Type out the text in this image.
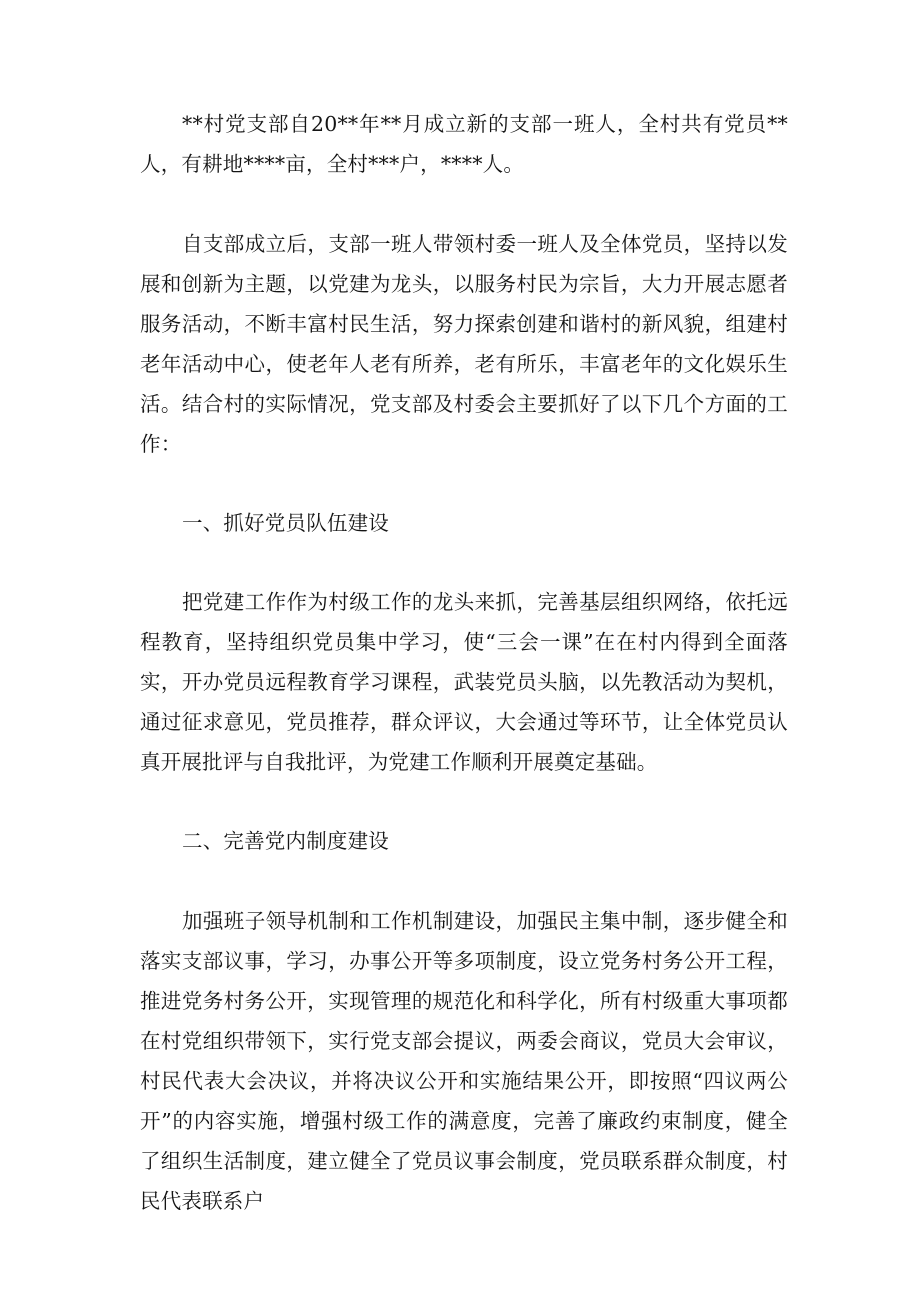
**村党支部自20**年**月成立新的支部一班人，全村共有党员**人，有耕地****亩，全村***户，****人。

自支部成立后，支部一班人带领村委一班人及全体党员，坚持以发展和创新为主题，以党建为龙头，以服务村民为宗旨，大力开展志愿者服务活动，不断丰富村民生活，努力探索创建和谐村的新风貌，组建村老年活动中心，使老年人老有所养，老有所乐，丰富老年的文化娱乐生活。结合村的实际情况，党支部及村委会主要抓好了以下几个方面的工作：

一、抓好党员队伍建设

把党建工作作为村级工作的龙头来抓，完善基层组织网络，依托远程教育，坚持组织党员集中学习，使“三会一课”在在村内得到全面落实，开办党员远程教育学习课程，武装党员头脑，以先教活动为契机，通过征求意见，党员推荐，群众评议，大会通过等环节，让全体党员认真开展批评与自我批评，为党建工作顺利开展奠定基础。

二、完善党内制度建设

加强班子领导机制和工作机制建设，加强民主集中制，逐步健全和落实支部议事，学习，办事公开等多项制度，设立党务村务公开工程，推进党务村务公开，实现管理的规范化和科学化，所有村级重大事项都在村党组织带领下，实行党支部会提议，两委会商议，党员大会审议，村民代表大会决议，并将决议公开和实施结果公开，即按照“四议两公开”的内容实施，增强村级工作的满意度，完善了廉政约束制度，健全了组织生活制度，建立健全了党员议事会制度，党员联系群众制度，村民代表联系户
